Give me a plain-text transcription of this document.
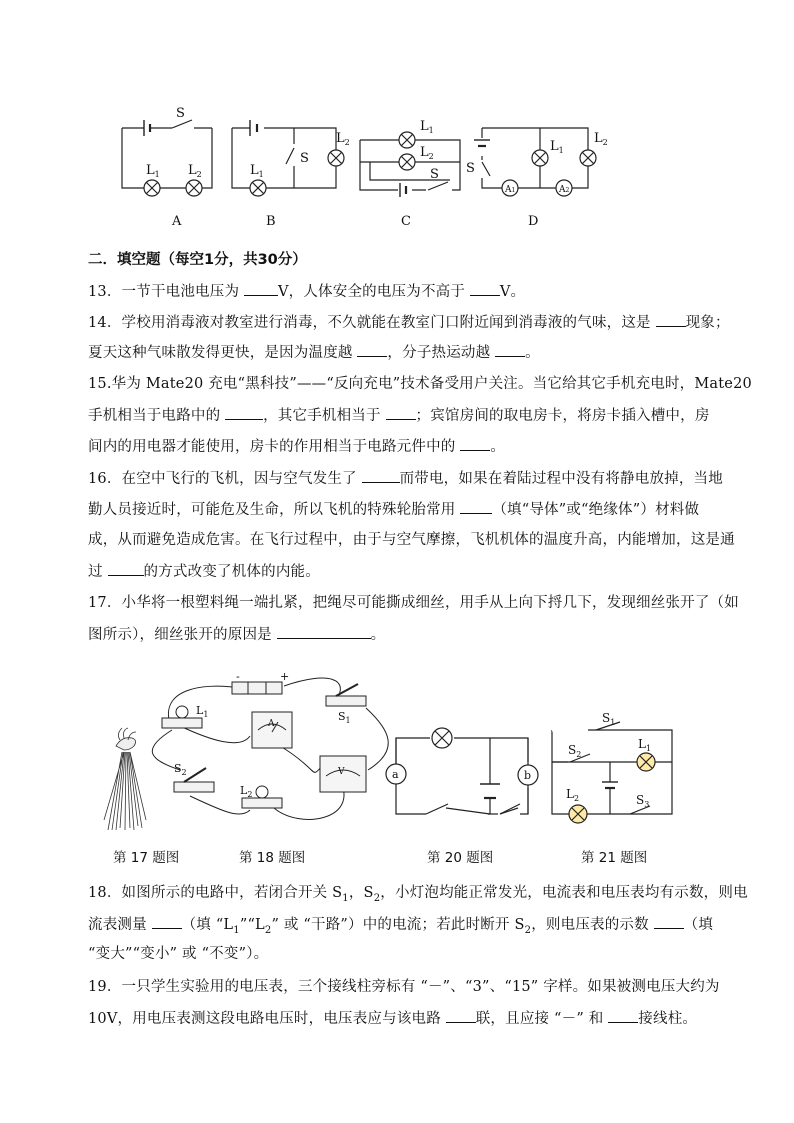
S
$L_1$ $L_2$	$L_1$
S
$L_2$
$L_1$
$L_2$
S S
$L_1$
$L_2$
A1	A2
A	B	C	D
二．填空题（每空1分，共30分）
13．一节干电池电压为 V，人体安全的电压为不高于 V。
14．学校用消毒液对教室进行消毒，不久就能在教室门口附近闻到消毒液的气味，这是 现象；
夏天这种气味散发得更快，是因为温度越 ，分子热运动越 。
15.华为 Mate20 充电“黑科技”——“反向充电”技术备受用户关注。当它给其它手机充电时，Mate20
手机相当于电路中的	，其它手机相当于 ；宾馆房间的取电房卡，将房卡插入槽中，房
间内的用电器才能使用，房卡的作用相当于电路元件中的 。
16．在空中飞行的飞机，因与空气发生了	而带电，如果在着陆过程中没有将静电放掉，当地
勤人员接近时，可能危及生命，所以飞机的特殊轮胎常用 （填“导体”或“绝缘体”）材料做
成，从而避免造成危害。在飞行过程中，由于与空气摩擦，飞机机体的温度升高，内能增加，这是通
过 的方式改变了机体的内能。
17．小华将一根塑料绳一端扎紧，把绳尽可能撕成细丝，用手从上向下捋几下，发现细丝张开了（如
图所示），细丝张开的原因是	。
-	+
$L_1$
A
$S_1$
$S_2$	V
$L_2$
a	b
$S_1$
$S_2$
$L_1$
$L_2$	$S_3$
第 17 题图	第 18 题图	第 20 题图	第 21 题图
18．如图所示的电路中，若闭合开关 $S_1$，$S_2$，小灯泡均能正常发光，电流表和电压表均有示数，则电
流表测量 （填 “$L_1”“L_2$” 或 “干路”）中的电流；若此时断开 $S_2$，则电压表的示数 （填
“变大”“变小” 或 “不变”）。
19．一只学生实验用的电压表，三个接线柱旁标有 “－”、“3”、“15” 字样。如果被测电压大约为
10V，用电压表测这段电路电压时，电压表应与该电路 联，且应接 “－” 和 接线柱。
